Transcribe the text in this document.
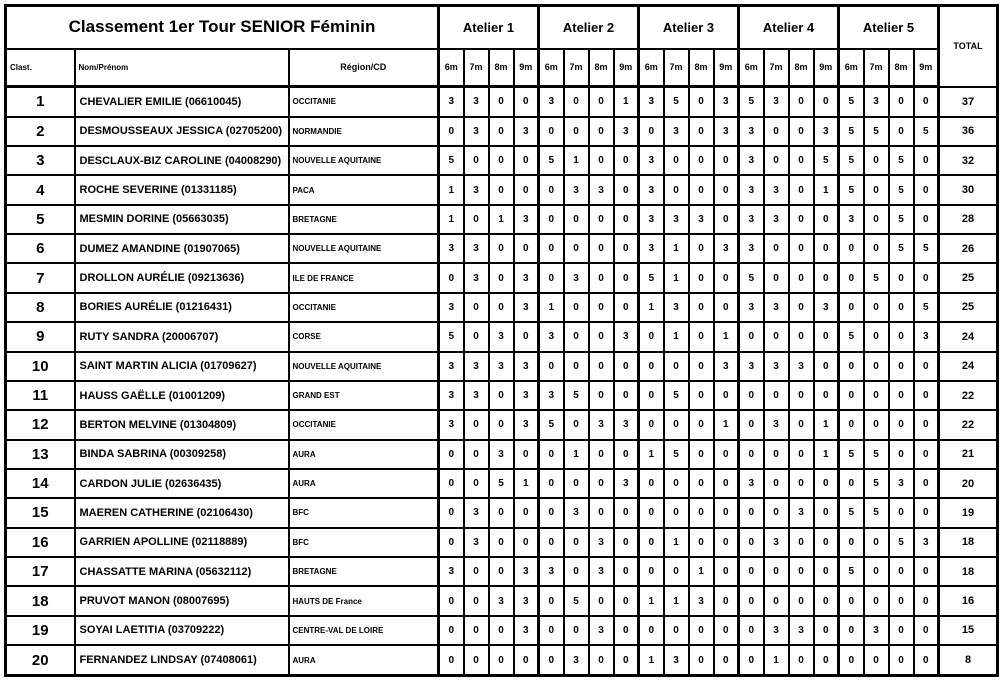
Classement 1er Tour SENIOR Féminin			Atelier 1				Atelier 2				Atelier 3				Atelier 4				Atelier 5				TOTAL
Clast.	Nom/Prénom	Région/CD	6m	7m	8m	9m	6m	7m	8m	9m	6m	7m	8m	9m	6m	7m	8m	9m	6m	7m	8m	9m	
1	CHEVALIER EMILIE (06610045)	OCCITANIE	3	3	0	0	3	0	0	1	3	5	0	3	5	3	0	0	5	3	0	0	37
2	DESMOUSSEAUX JESSICA (02705200)	NORMANDIE	0	3	0	3	0	0	0	3	0	3	0	3	3	0	0	3	5	5	0	5	36
3	DESCLAUX-BIZ CAROLINE (04008290)	NOUVELLE AQUITAINE	5	0	0	0	5	1	0	0	3	0	0	0	3	0	0	5	5	0	5	0	32
4	ROCHE SEVERINE (01331185)	PACA	1	3	0	0	0	3	3	0	3	0	0	0	3	3	0	1	5	0	5	0	30
5	MESMIN DORINE (05663035)	BRETAGNE	1	0	1	3	0	0	0	0	3	3	3	0	3	3	0	0	3	0	5	0	28
6	DUMEZ AMANDINE (01907065)	NOUVELLE AQUITAINE	3	3	0	0	0	0	0	0	3	1	0	3	3	0	0	0	0	0	5	5	26
7	DROLLON AURÉLIE (09213636)	ILE DE FRANCE	0	3	0	3	0	3	0	0	5	1	0	0	5	0	0	0	0	5	0	0	25
8	BORIES AURÉLIE (01216431)	OCCITANIE	3	0	0	3	1	0	0	0	1	3	0	0	3	3	0	3	0	0	0	5	25
9	RUTY SANDRA (20006707)	CORSE	5	0	3	0	3	0	0	3	0	1	0	1	0	0	0	0	5	0	0	3	24
10	SAINT MARTIN ALICIA (01709627)	NOUVELLE AQUITAINE	3	3	3	3	0	0	0	0	0	0	0	3	3	3	3	0	0	0	0	0	24
11	HAUSS GAËLLE (01001209)	GRAND EST	3	3	0	3	3	5	0	0	0	5	0	0	0	0	0	0	0	0	0	0	22
12	BERTON MELVINE (01304809)	OCCITANIE	3	0	0	3	5	0	3	3	0	0	0	1	0	3	0	1	0	0	0	0	22
13	BINDA SABRINA (00309258)	AURA	0	0	3	0	0	1	0	0	1	5	0	0	0	0	0	1	5	5	0	0	21
14	CARDON JULIE (02636435)	AURA	0	0	5	1	0	0	0	3	0	0	0	0	3	0	0	0	0	5	3	0	20
15	MAEREN CATHERINE (02106430)	BFC	0	3	0	0	0	3	0	0	0	0	0	0	0	0	3	0	5	5	0	0	19
16	GARRIEN APOLLINE (02118889)	BFC	0	3	0	0	0	0	3	0	0	1	0	0	0	3	0	0	0	0	5	3	18
17	CHASSATTE MARINA (05632112)	BRETAGNE	3	0	0	3	3	0	3	0	0	0	1	0	0	0	0	0	5	0	0	0	18
18	PRUVOT MANON (08007695)	HAUTS DE France	0	0	3	3	0	5	0	0	1	1	3	0	0	0	0	0	0	0	0	0	16
19	SOYAI LAETITIA (03709222)	CENTRE-VAL DE LOIRE	0	0	0	3	0	0	3	0	0	0	0	0	0	3	3	0	0	3	0	0	15
20	FERNANDEZ LINDSAY (07408061)	AURA	0	0	0	0	0	3	0	0	1	3	0	0	0	1	0	0	0	0	0	0	8
